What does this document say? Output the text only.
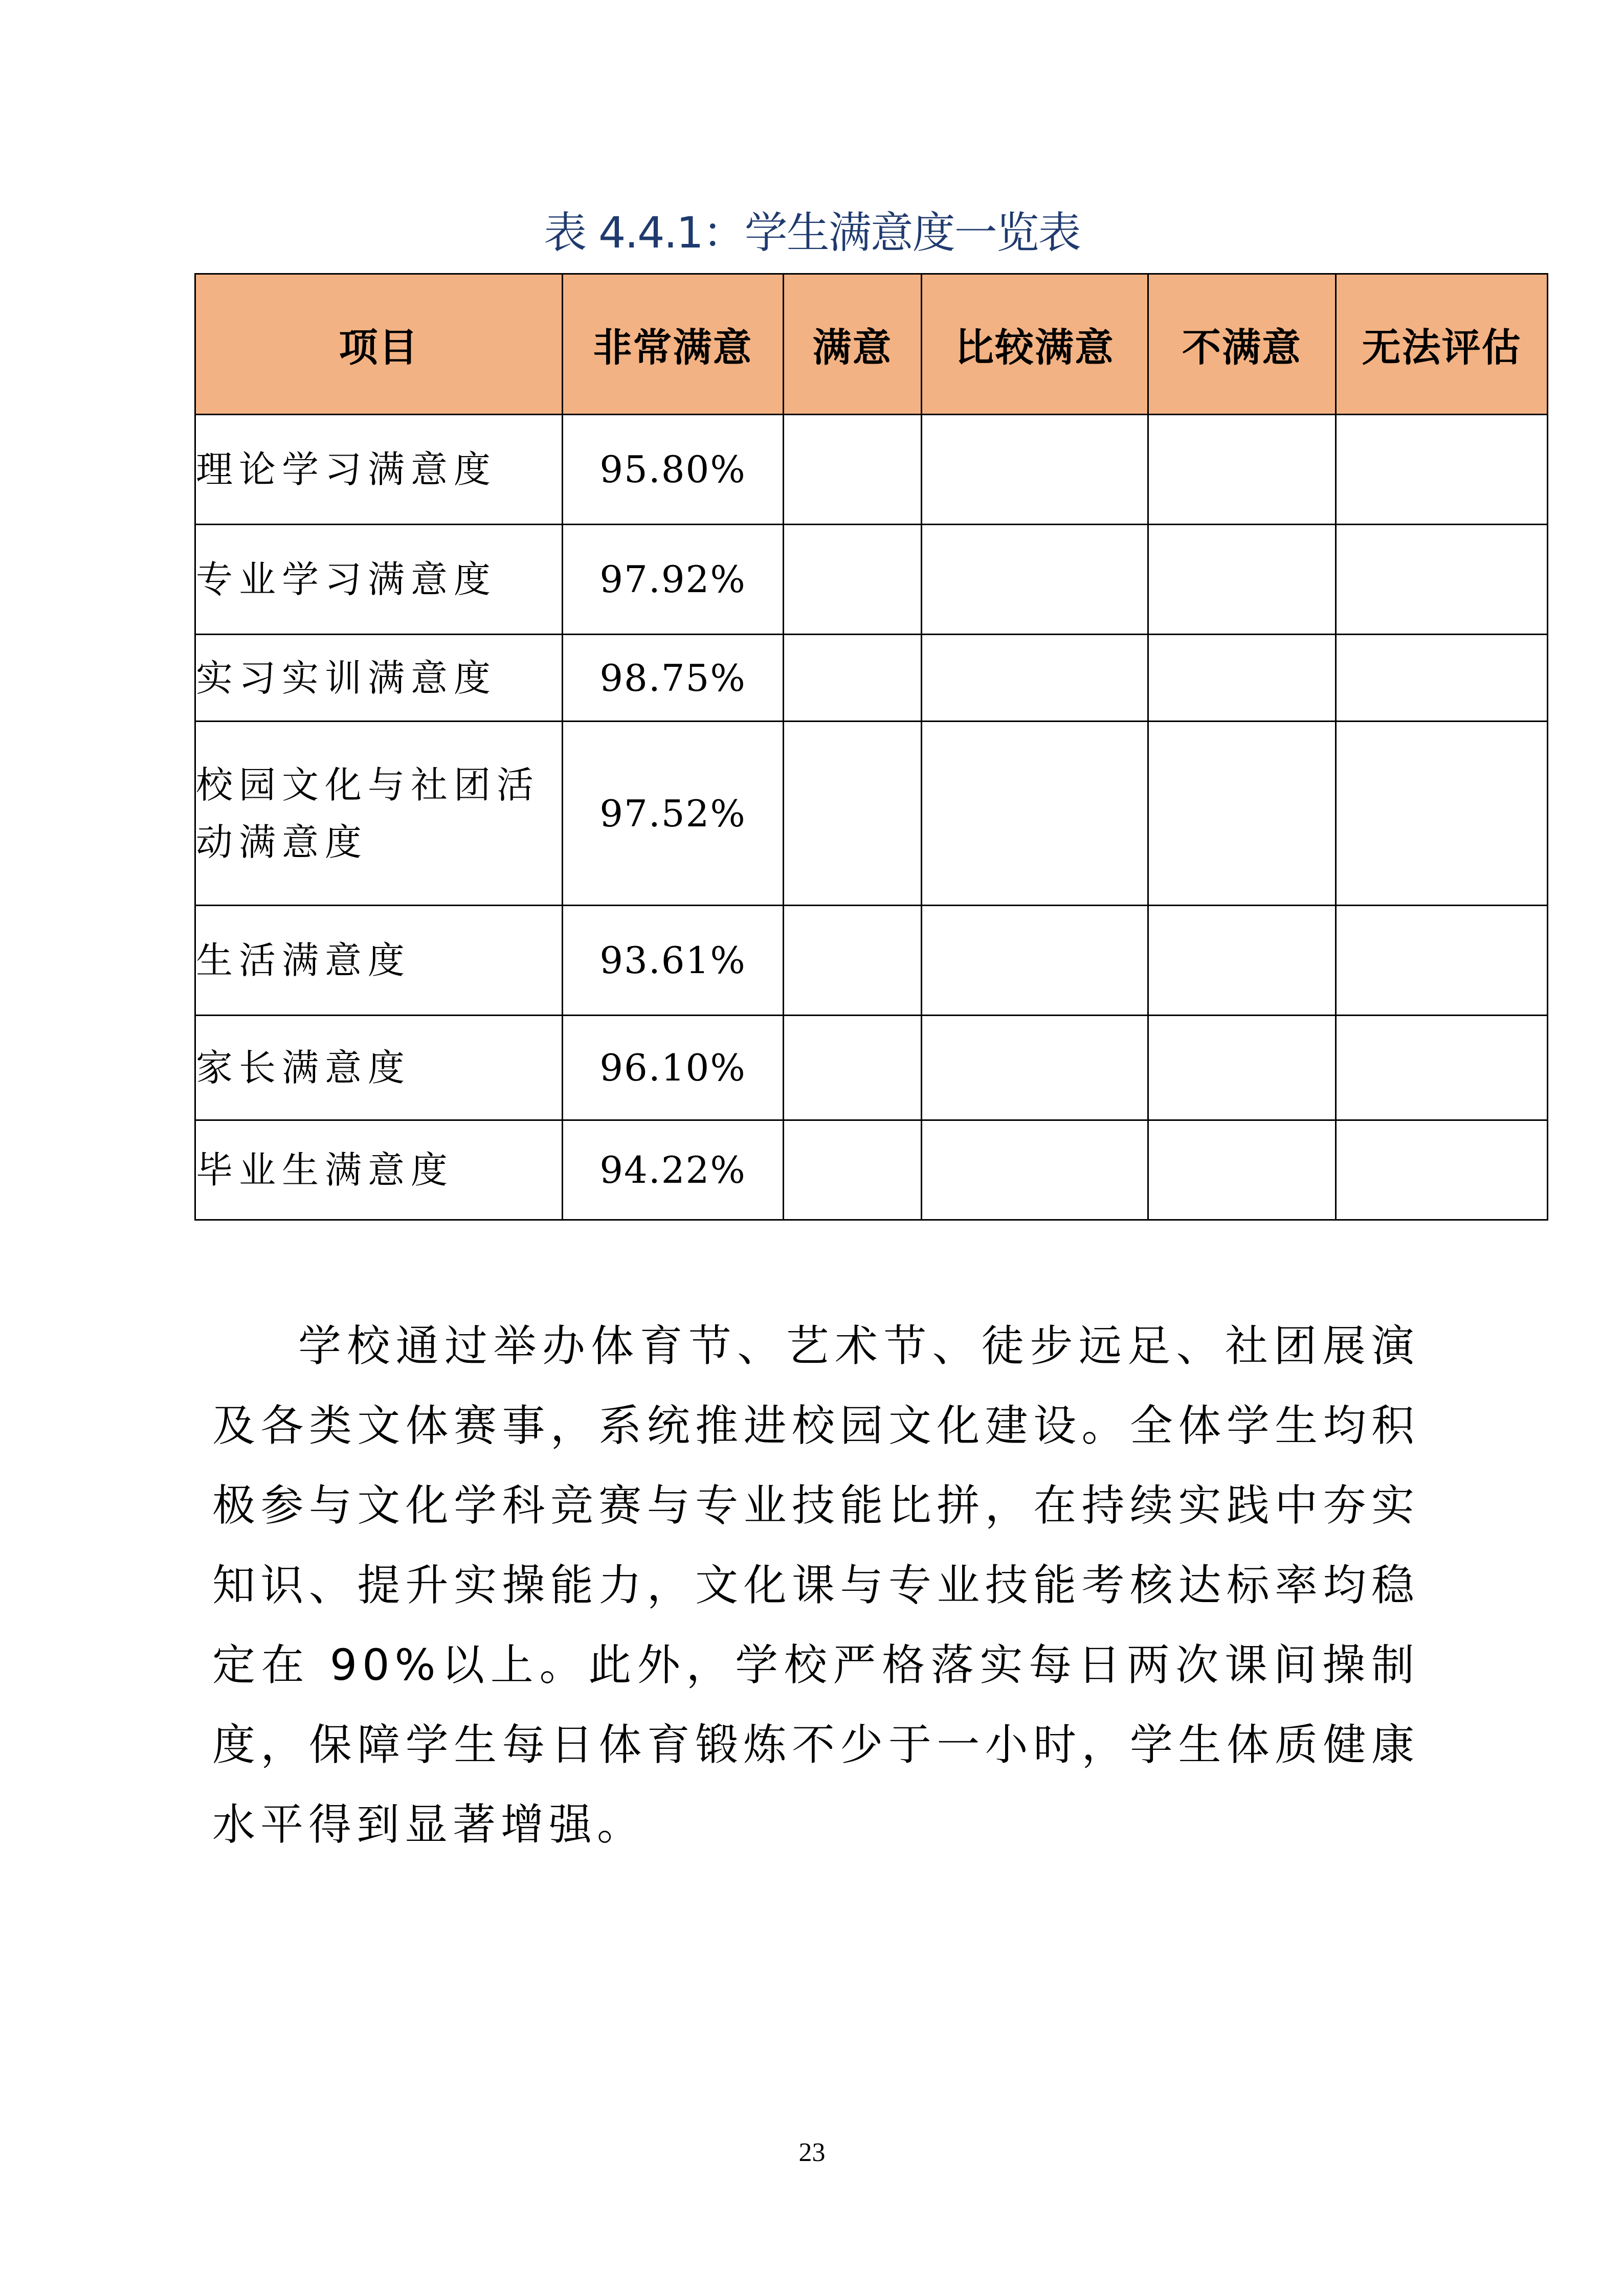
表 4.4.1：学生满意度一览表
项目	非常满意	满意	比较满意	不满意	无法评估
理论学习满意度	95.80%				
专业学习满意度	97.92%				
实习实训满意度	98.75%				
校园文化与社团活动满意度	97.52%				
生活满意度	93.61%				
家长满意度	96.10%				
毕业生满意度	94.22%				

学校通过举办体育节、艺术节、徒步远足、社团展演及各类文体赛事，系统推进校园文化建设。全体学生均积极参与文化学科竞赛与专业技能比拼，在持续实践中夯实知识、提升实操能力，文化课与专业技能考核达标率均稳定在 90%以上。此外，学校严格落实每日两次课间操制度，保障学生每日体育锻炼不少于一小时，学生体质健康水平得到显著增强。

23
